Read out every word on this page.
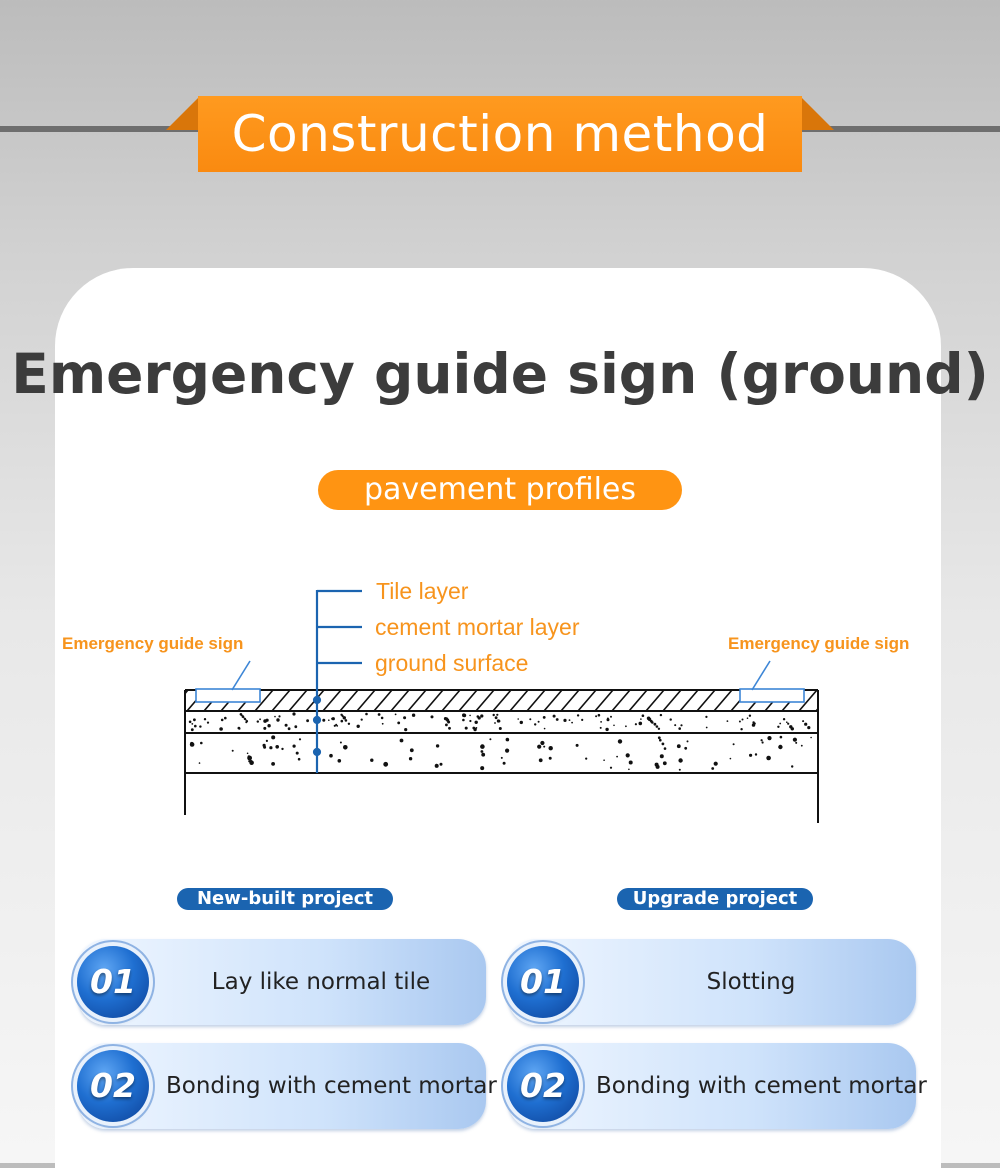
Construction method
Emergency guide sign (ground)
pavement profiles
Tile layer
cement mortar layer
ground surface
Emergency guide sign	Emergency guide sign
New-built project	Upgrade project
Lay like normal tile
01
Bonding with cement mortar
02
Slotting
01
Bonding with cement mortar
02
